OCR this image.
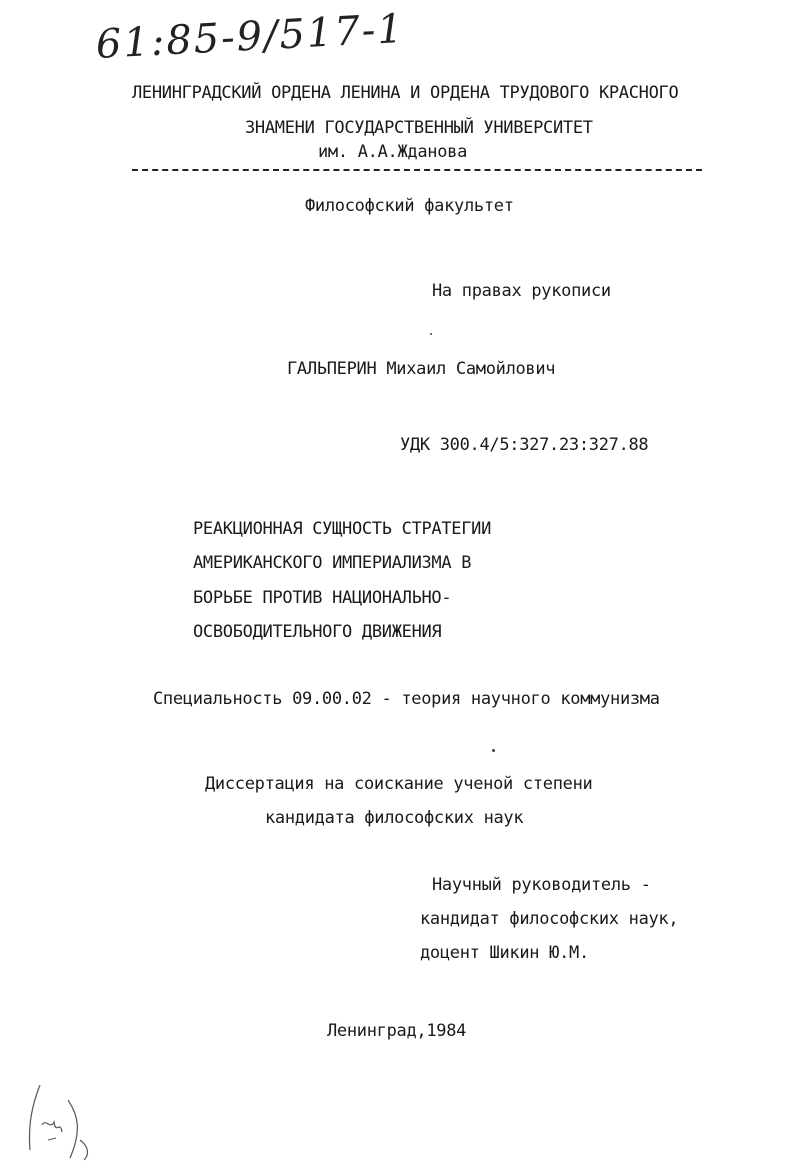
61:85-9/517-1
ЛЕНИНГРАДСКИЙ ОРДЕНА ЛЕНИНА И ОРДЕНА ТРУДОВОГО КРАСНОГО
ЗНАМЕНИ ГОСУДАРСТВЕННЫЙ УНИВЕРСИТЕТ
им. А.А.Жданова
Философский факультет
На правах рукописи
ГАЛЬПЕРИН Михаил Самойлович
УДК 300.4/5:327.23:327.88
РЕАКЦИОННАЯ СУЩНОСТЬ СТРАТЕГИИ
АМЕРИКАНСКОГО ИМПЕРИАЛИЗМА В
БОРЬБЕ ПРОТИВ НАЦИОНАЛЬНО-
ОСВОБОДИТЕЛЬНОГО ДВИЖЕНИЯ
Специальность 09.00.02 - теория научного коммунизма
Диссертация на соискание ученой степени
кандидата философских наук
Научный руководитель -
кандидат философских наук,
доцент Шикин Ю.М.
Ленинград,1984
